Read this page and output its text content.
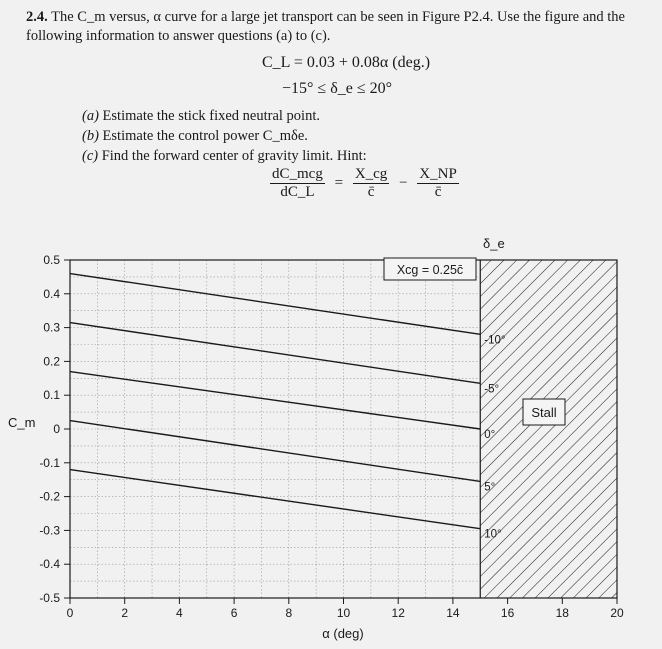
2.4. The C_m versus, α curve for a large jet transport can be seen in Figure P2.4. Use the figure and the following information to answer questions (a) to (c).
C_L = 0.03 + 0.08α (deg.)
−15° ≤ δ_e ≤ 20°
(a) Estimate the stick fixed neutral point.
(b) Estimate the control power C_mδe.
(c) Find the forward center of gravity limit. Hint:
$\frac{\text{dC\_mcg}}{dC\_L} = \frac{X\_cg}{c̄} - \frac{X\_NP}{c̄}$
0	2	4	6	8	10	12	14	16	18	20
0.5
0.4
0.3
0.2
0.1
0
-0.1
-0.2
-0.3
-0.4
-0.5
-10°
-5°
0°
5°
10°
C_m
α (deg)
δ_e
Xcg = 0.25c̄
Stall
